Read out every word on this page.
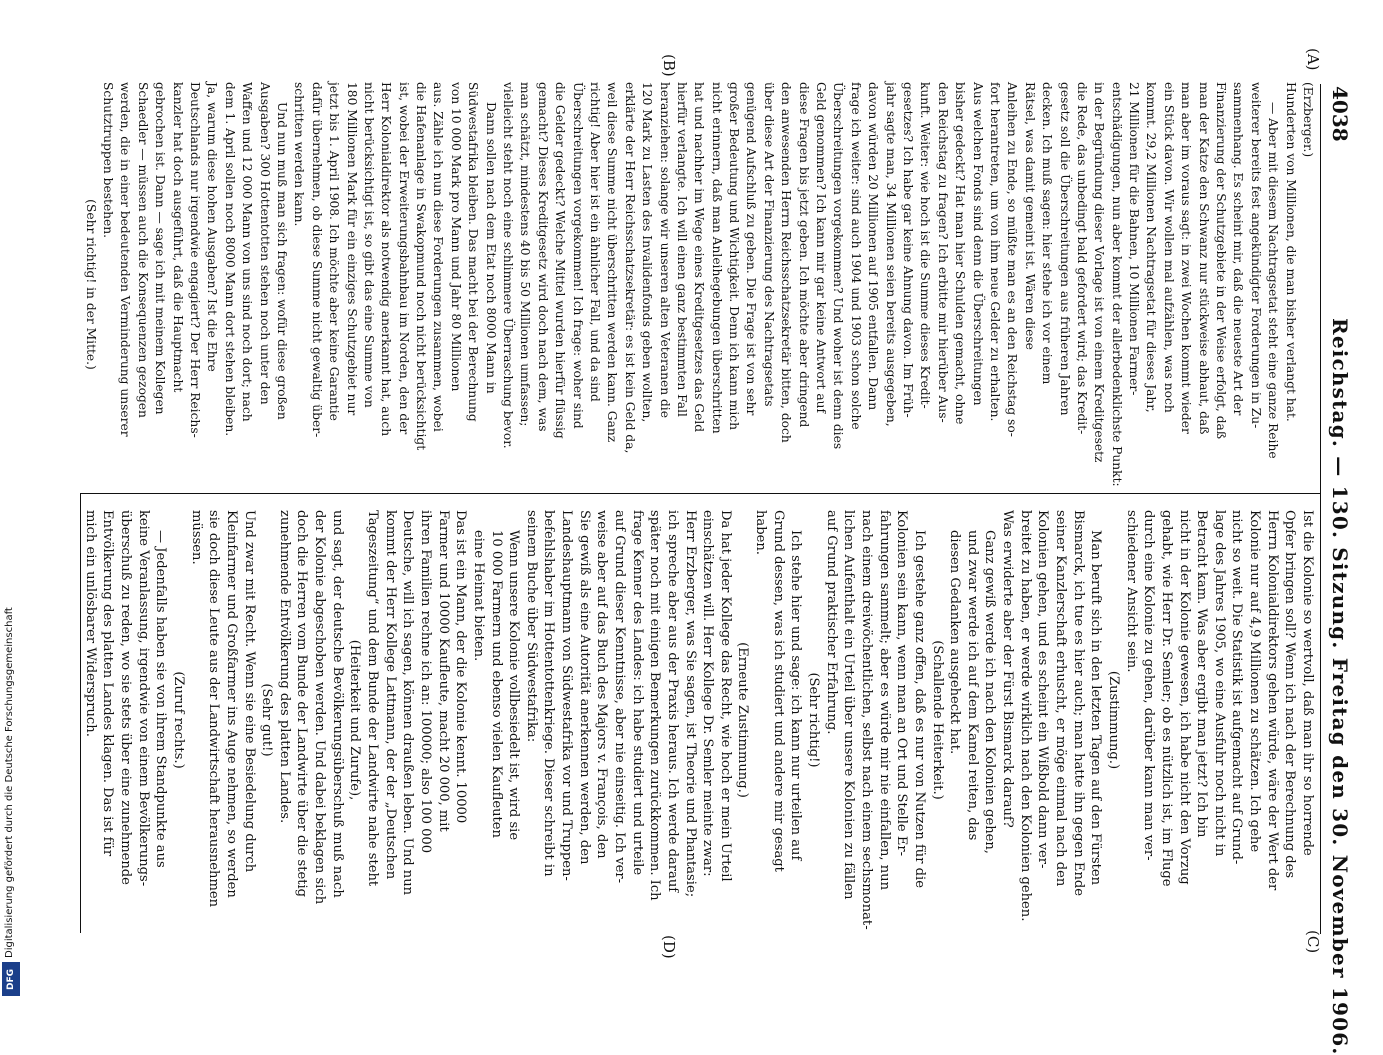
4038
Reichstag. — 130. Sitzung. Freitag den 30. November 1906.
(A)
(B)
(C)
(D)

(Erzberger.)

Hunderten von Millionen, die man bisher verlangt hat.

— Aber mit diesem Nachtragsetat steht eine ganze Reihe

weiterer bereits fest angekündigter Forderungen in Zu-

sammenhang. Es scheint mir, daß die neueste Art der

Finanzierung der Schutzgebiete in der Weise erfolgt, daß

man der Katze den Schwanz nur stückweise abhaut, daß

man aber im voraus sagt: in zwei Wochen kommt wieder

ein Stück davon. Wir wollen mal aufzählen, was noch

kommt. 29,2 Millionen Nachtragsetat für dieses Jahr,

21 Millionen für die Bahnen, 10 Millionen Farmer-

entschädigungen, nun aber kommt der allerbedenklichste Punkt:

in der Begründung dieser Vorlage ist von einem Kreditgesetz

die Rede, das unbedingt bald gefordert wird; das Kredit-

gesetz soll die Überschreitungen aus früheren Jahren

decken. Ich muß sagen: hier stehe ich vor einem

Rätsel, was damit gemeint ist. Wären diese

Anleihen zu Ende, so müßte man es an den Reichstag so-

fort herantreten, um von ihm neue Gelder zu erhalten.

Aus welchen Fonds sind denn die Überschreitungen

bisher gedeckt? Hat man hier Schulden gemacht, ohne

den Reichstag zu fragen? Ich erbitte mir hierüber Aus-

kunft. Weiter: wie hoch ist die Summe dieses Kredit-

gesetzes? Ich habe gar keine Ahnung davon. Im Früh-

jahr sagte man, 34 Millionen seien bereits ausgegeben,

davon würden 20 Millionen auf 1905 entfallen. Dann

frage ich weiter: sind auch 1904 und 1903 schon solche

Überschreitungen vorgekommen? Und woher ist denn dies

Geld genommen? Ich kann mir gar keine Antwort auf

diese Fragen bis jetzt geben. Ich möchte aber dringend

den anwesenden Herrn Reichsschatzsekretär bitten, doch

über diese Art der Finanzierung des Nachtragsetats

genügend Aufschluß zu geben. Die Frage ist von sehr

großer Bedeutung und Wichtigkeit. Denn ich kann mich

nicht erinnern, daß man Anleihegebungen überschritten

hat und nachher im Wege eines Kreditgesetzes das Geld

hierfür verlangte. Ich will einen ganz bestimmten Fall

heranziehen: solange wir unseren alten Veteranen die

120 Mark zu Lasten des Invalidenfonds geben wollten,

erklärte der Herr Reichsschatzsekretär: es ist kein Geld da,

weil diese Summe nicht überschritten werden kann. Ganz

richtig! Aber hier ist ein ähnlicher Fall, und da sind

Überschreitungen vorgekommen! Ich frage: woher sind

die Gelder gedeckt? Welche Mittel wurden hierfür flüssig

gemacht? Dieses Kreditgesetz wird doch nach dem, was

man schätzt, mindestens 40 bis 50 Millionen umfassen;

vielleicht steht noch eine schlimmere Überraschung bevor.

Dann sollen nach dem Etat noch 8000 Mann in

Südwestafrika bleiben. Das macht bei der Berechnung

von 10 000 Mark pro Mann und Jahr 80 Millionen

aus. Zähle ich nun diese Forderungen zusammen, wobei

die Hafenanlage in Swakopmund noch nicht berücksichtigt

ist, wobei der Erweiterungsbahnbau im Norden, den der

Herr Kolonialdirektor als notwendig anerkannt hat, auch

nicht berücksichtigt ist, so gibt das eine Summe von

180 Millionen Mark für ein einziges Schutzgebiet nur

jetzt bis 1. April 1908. Ich möchte aber keine Garantie

dafür übernehmen, ob diese Summe nicht gewaltig über-

schritten werden kann.

Und nun muß man sich fragen: wofür diese großen

Ausgaben? 300 Hottentotten stehen noch unter den

Waffen und 12 000 Mann von uns sind noch dort; nach

dem 1. April sollen noch 8000 Mann dort stehen bleiben.

Ja, warum diese hohen Ausgaben? Ist die Ehre

Deutschlands nur irgendwie engagiert? Der Herr Reichs-

kanzler hat doch ausgeführt, daß die Hauptmacht

gebrochen ist. Dann — sage ich mit meinem Kollegen

Schaedler — müssen auch die Konsequenzen gezogen

werden, die in einer bedeutenden Verminderung unserer

Schutztruppen bestehen.

(Sehr richtig! in der Mitte.)

Ist die Kolonie so wertvoll, daß man ihr so horrende

Opfer bringen soll? Wenn ich nach der Berechnung des

Herrn Kolonialdirektors gehen würde, wäre der Wert der

Kolonie nur auf 4,9 Millionen zu schätzen. Ich gehe

nicht so weit. Die Statistik ist aufgemacht auf Grund-

lage des Jahres 1905, wo eine Ausfuhr noch nicht in

Betracht kam. Was aber ergibt man jetzt? Ich bin

nicht in der Kolonie gewesen, ich habe nicht den Vorzug

gehabt, wie Herr Dr. Semler; ob es nützlich ist, im Fluge

durch eine Kolonie zu gehen, darüber kann man ver-

schiedener Ansicht sein.

(Zustimmung.)

Man beruft sich in den letzten Tagen auf den Fürsten

Bismarck, ich tue es hier auch; man hatte ihn gegen Ende

seiner Kanzlerschaft erhuscht, er möge einmal nach den

Kolonien gehen, und es scheint ein Wißbold dann ver-

breitet zu haben, er werde wirklich nach den Kolonien gehen.

Was erwiderte aber der Fürst Bismarck darauf?

Ganz gewiß werde ich nach den Kolonien gehen,

und zwar werde ich auf dem Kamel reiten, das

diesen Gedanken ausgeheckt hat.

(Schallende Heiterkeit.)

Ich gestehe ganz offen, daß es nur von Nutzen für die

Kolonien sein kann, wenn man an Ort und Stelle Er-

fahrungen sammelt; aber es würde mir nie einfallen, nun

nach einem dreiwöchentlichen, selbst nach einem sechsmonat-

lichen Aufenthalt ein Urteil über unsere Kolonien zu fällen

auf Grund praktischer Erfahrung.

(Sehr richtig!)

Ich stehe hier und sage: ich kann nur urteilen auf

Grund dessen, was ich studiert und andere mir gesagt

haben.

(Erneute Zustimmung.)

Da hat jeder Kollege das Recht, wie hoch er mein Urteil

einschätzen will. Herr Kollege Dr. Semler meinte zwar:

Herr Erzberger, was Sie sagen, ist Theorie und Phantasie;

ich spreche aber aus der Praxis heraus. Ich werde darauf

später noch mit einigen Bemerkungen zurückkommen. Ich

frage Kenner des Landes: ich habe studiert und urteile

auf Grund dieser Kenntnisse, aber nie einseitig. Ich ver-

weise aber auf das Buch des Majors v. François, den

Sie gewiß als eine Autorität anerkennen werden, den

Landeshauptmann von Südwestafrika vor und Truppen-

befehlshaber im Hottentottenkriege. Dieser schreibt in

seinem Buche über Südwestafrika:

Wenn unsere Kolonie vollbesiedelt ist, wird sie

10 000 Farmern und ebenso vielen Kaufleuten

eine Heimat bieten.

Das ist ein Mann, der die Kolonie kennt. 10000

Farmer und 10000 Kaufleute, macht 20 000, mit

ihren Familien rechne ich an: 100000; also 100 000

Deutsche, will ich sagen, können draußen leben. Und nun

kommt der Herr Kollege Lattmann, der der „Deutschen

Tageszeitung“ und dem Bunde der Landwirte nahe steht

(Heiterkeit und Zurufe),

und sagt, der deutsche Bevölkerungsüberschuß muß nach

der Kolonie abgeschoben werden. Und dabei beklagen sich

doch die Herren vom Bunde der Landwirte über die stetig

zunehmende Entvölkerung des platten Landes.

(Sehr gut!)

Und zwar mit Recht. Wenn sie eine Besiedelung durch

Kleinfarmer und Großfarmer ins Auge nehmen, so werden

sie doch diese Leute aus der Landwirtschaft herausnehmen

müssen.

(Zuruf rechts.)

— Jedenfalls haben sie von ihrem Standpunkte aus

keine Veranlassung, irgendwie von einem Bevölkerungs-

überschuß zu reden, wo sie stets über eine zunehmende

Entvölkerung des platten Landes klagen. Das ist für

mich ein unlösbarer Widerspruch.

Digitalisierung gefördert durch die Deutsche Forschungsgemeinschaft
DFG
